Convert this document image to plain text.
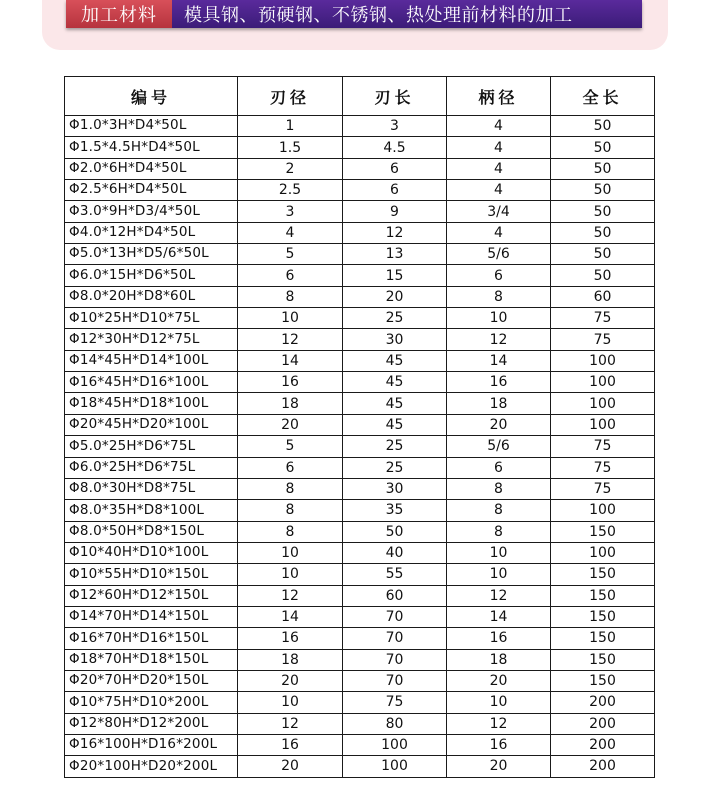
加工材料	模具钢、预硬钢、不锈钢、热处理前材料的加工
编号	刃径	刃长	柄径	全长
Φ1.0*3H*D4*50L	1	3	4	50
Φ1.5*4.5H*D4*50L	1.5	4.5	4	50
Φ2.0*6H*D4*50L	2	6	4	50
Φ2.5*6H*D4*50L	2.5	6	4	50
Φ3.0*9H*D3/4*50L	3	9	3/4	50
Φ4.0*12H*D4*50L	4	12	4	50
Φ5.0*13H*D5/6*50L	5	13	5/6	50
Φ6.0*15H*D6*50L	6	15	6	50
Φ8.0*20H*D8*60L	8	20	8	60
Φ10*25H*D10*75L	10	25	10	75
Φ12*30H*D12*75L	12	30	12	75
Φ14*45H*D14*100L	14	45	14	100
Φ16*45H*D16*100L	16	45	16	100
Φ18*45H*D18*100L	18	45	18	100
Φ20*45H*D20*100L	20	45	20	100
Φ5.0*25H*D6*75L	5	25	5/6	75
Φ6.0*25H*D6*75L	6	25	6	75
Φ8.0*30H*D8*75L	8	30	8	75
Φ8.0*35H*D8*100L	8	35	8	100
Φ8.0*50H*D8*150L	8	50	8	150
Φ10*40H*D10*100L	10	40	10	100
Φ10*55H*D10*150L	10	55	10	150
Φ12*60H*D12*150L	12	60	12	150
Φ14*70H*D14*150L	14	70	14	150
Φ16*70H*D16*150L	16	70	16	150
Φ18*70H*D18*150L	18	70	18	150
Φ20*70H*D20*150L	20	70	20	150
Φ10*75H*D10*200L	10	75	10	200
Φ12*80H*D12*200L	12	80	12	200
Φ16*100H*D16*200L	16	100	16	200
Φ20*100H*D20*200L	20	100	20	200
